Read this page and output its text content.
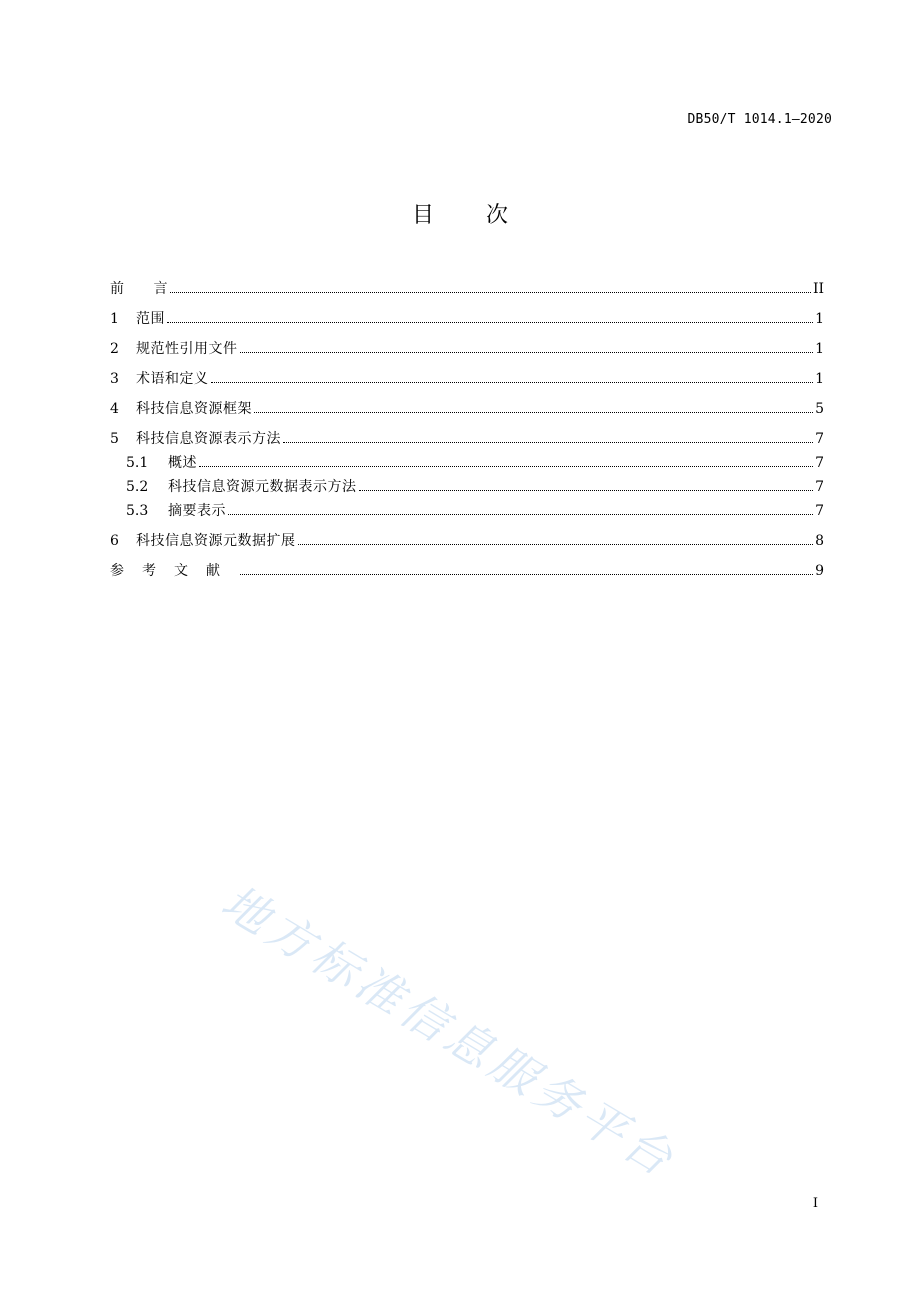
DB50/T 1014.1—2020
目 次
前　　言	II
1	范围	1
2	规范性引用文件	1
3	术语和定义	1
4	科技信息资源框架	5
5	科技信息资源表示方法	7
5.1	概述	7
5.2	科技信息资源元数据表示方法	7
5.3	摘要表示	7
6	科技信息资源元数据扩展	8
参考文献	9
地方标准信息服务平台
I
